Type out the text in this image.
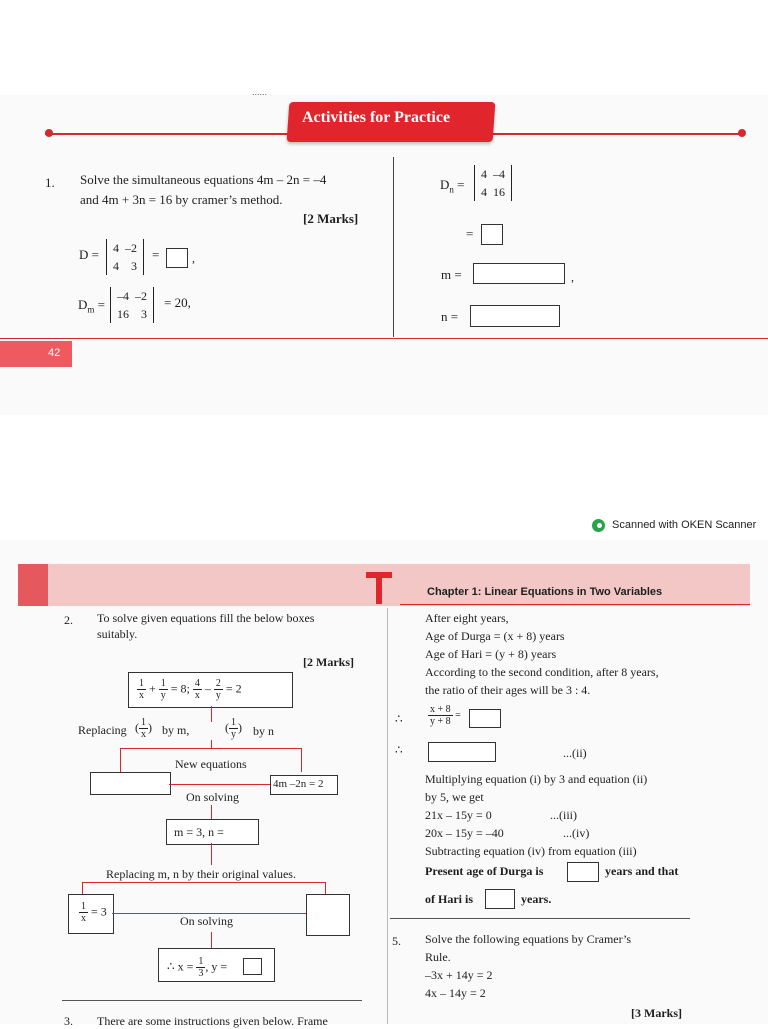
......
Activities for Practice
1. Solve the simultaneous equations 4m – 2n = –4
and 4m + 3n = 16 by cramer’s method.
[2 Marks]
D = 4	–2
4	3
=	,
$D_m$ =
–4	–2
16	3
= 20,
$D_n$ =
4	–4
4	16
=
m =	,
n =
42
Scanned with OKEN Scanner
Chapter 1: Linear Equations in Two Variables
2. To solve given equations fill the below boxes
suitably.
[2 Marks]
$\frac{1}{x} + \frac{1}{y} = 8$; $\frac{4}{x} - \frac{2}{y} = 2$
Replacing ( $\frac{1}{x}$ ) by m,	( $\frac{1}{y}$ ) by n
New equations
4m –2n = 2
On solving
m = 3, n =
Replacing m, n by their original values.
$\frac{1}{x} = 3$
On solving
∴ $x = \frac{1}{3}$ , y =
3. There are some instructions given below. Frame
After eight years,
Age of Durga = (x + 8) years
Age of Hari = (y + 8) years
According to the second condition, after 8 years,
the ratio of their ages will be 3 : 4.
∴	$\frac{x + 8}{y + 8}$ =
∴	...(ii)
Multiplying equation (i) by 3 and equation (ii)
by 5, we get
21x – 15y = 0	...(iii)
20x – 15y = –40	...(iv)
Subtracting equation (iv) from equation (iii)
Present age of Durga is	years and that
of Hari is	years.
5. Solve the following equations by Cramer’s
Rule.
–3x + 14y = 2
4x – 14y = 2
[3 Marks]
